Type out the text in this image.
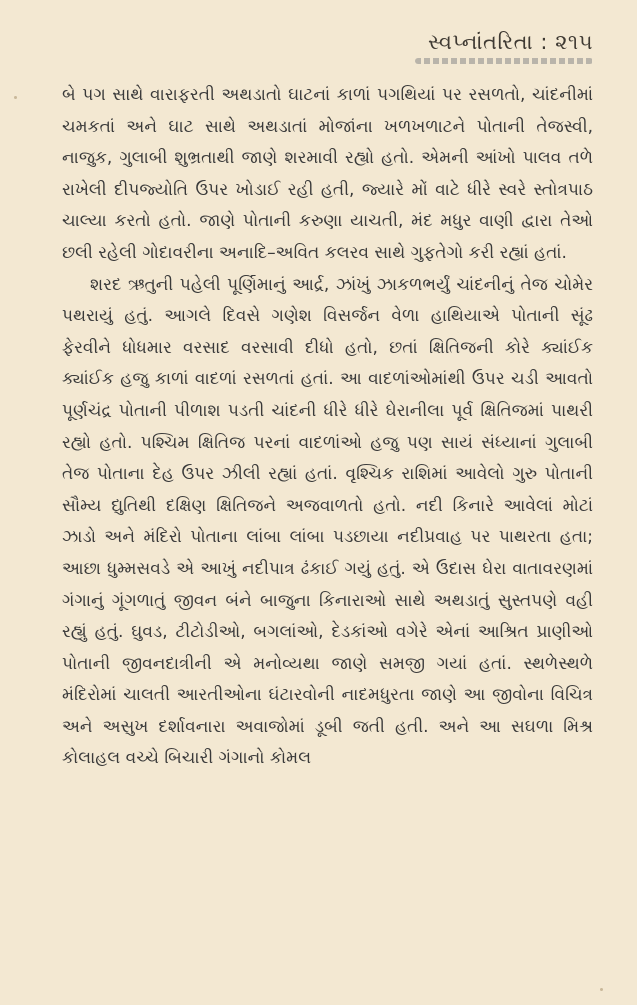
સ્વપ્નાંતરિતા : ૨૧૫

બે પગ સાથે વારાફરતી અથડાતો ઘાટનાં કાળાં પગથિયાં પર રસળતો, ચાંદનીમાં ચમકતાં અને ઘાટ સાથે અથડાતાં મોજાંના ખળખળાટને પોતાની તેજસ્વી, નાજુક, ગુલાબી શુભ્રતાથી જાણે શરમાવી રહ્યો હતો. એમની આંખો પાલવ તળે રાખેલી દીપજ્યોતિ ઉપર ખોડાઈ રહી હતી, જ્યારે મોં વાટે ધીરે સ્વરે સ્તોત્રપાઠ ચાલ્યા કરતો હતો. જાણે પોતાની કરુણા યાચતી, મંદ મધુર વાણી દ્વારા તેઓ છલી રહેલી ગોદાવરીના અનાદિ–અવિત કલરવ સાથે ગુફતેગો કરી રહ્યાં હતાં.

શરદ ઋતુની પહેલી પૂર્ણિમાનું આર્દ્ર, ઝાંખું ઝાકળભર્યું ચાંદનીનું તેજ ચોમેર પથરાયું હતું. આગલે દિવસે ગણેશ વિસર્જન વેળા હાથિયાએ પોતાની સૂંઢ ફેરવીને ધોધમાર વરસાદ વરસાવી દીધો હતો, છતાં ક્ષિતિજની કોરે ક્યાંઈક ક્યાંઈક હજુ કાળાં વાદળાં રસળતાં હતાં. આ વાદળાંઓમાંથી ઉપર ચડી આવતો પૂર્ણચંદ્ર પોતાની પીળાશ પડતી ચાંદની ધીરે ધીરે ઘેરાનીલા પૂર્વ ક્ષિતિજમાં પાથરી રહ્યો હતો. પશ્ચિમ ક્ષિતિજ પરનાં વાદળાંઓ હજુ પણ સાયં સંધ્યાનાં ગુલાબી તેજ પોતાના દેહ ઉપર ઝીલી રહ્યાં હતાં. વૃશ્ચિક રાશિમાં આવેલો ગુરુ પોતાની સૌમ્ય દ્યુતિથી દક્ષિણ ક્ષિતિજને અજવાળતો હતો. નદી કિનારે આવેલાં મોટાં ઝાડો અને મંદિરો પોતાના લાંબા લાંબા પડછાયા નદીપ્રવાહ પર પાથરતા હતા; આછા ધુમ્મસવડે એ આખું નદીપાત્ર ઢંકાઈ ગયું હતું. એ ઉદાસ ઘેરા વાતાવરણમાં ગંગાનું ગૂંગળાતું જીવન બંને બાજુના કિનારાઓ સાથે અથડાતું સુસ્તપણે વહી રહ્યું હતું. ઘુવડ, ટીટોડીઓ, બગલાંઓ, દેડકાંઓ વગેરે એનાં આશ્રિત પ્રાણીઓ પોતાની જીવનદાત્રીની એ મનોવ્યથા જાણે સમજી ગયાં હતાં. સ્થળેસ્થળે મંદિરોમાં ચાલતી આરતીઓના ઘંટારવોની નાદમધુરતા જાણે આ જીવોના વિચિત્ર અને અસુખ દર્શાવનારા અવાજોમાં ડૂબી જતી હતી. અને આ સઘળા મિશ્ર કોલાહલ વચ્ચે બિચારી ગંગાનો કોમલ
